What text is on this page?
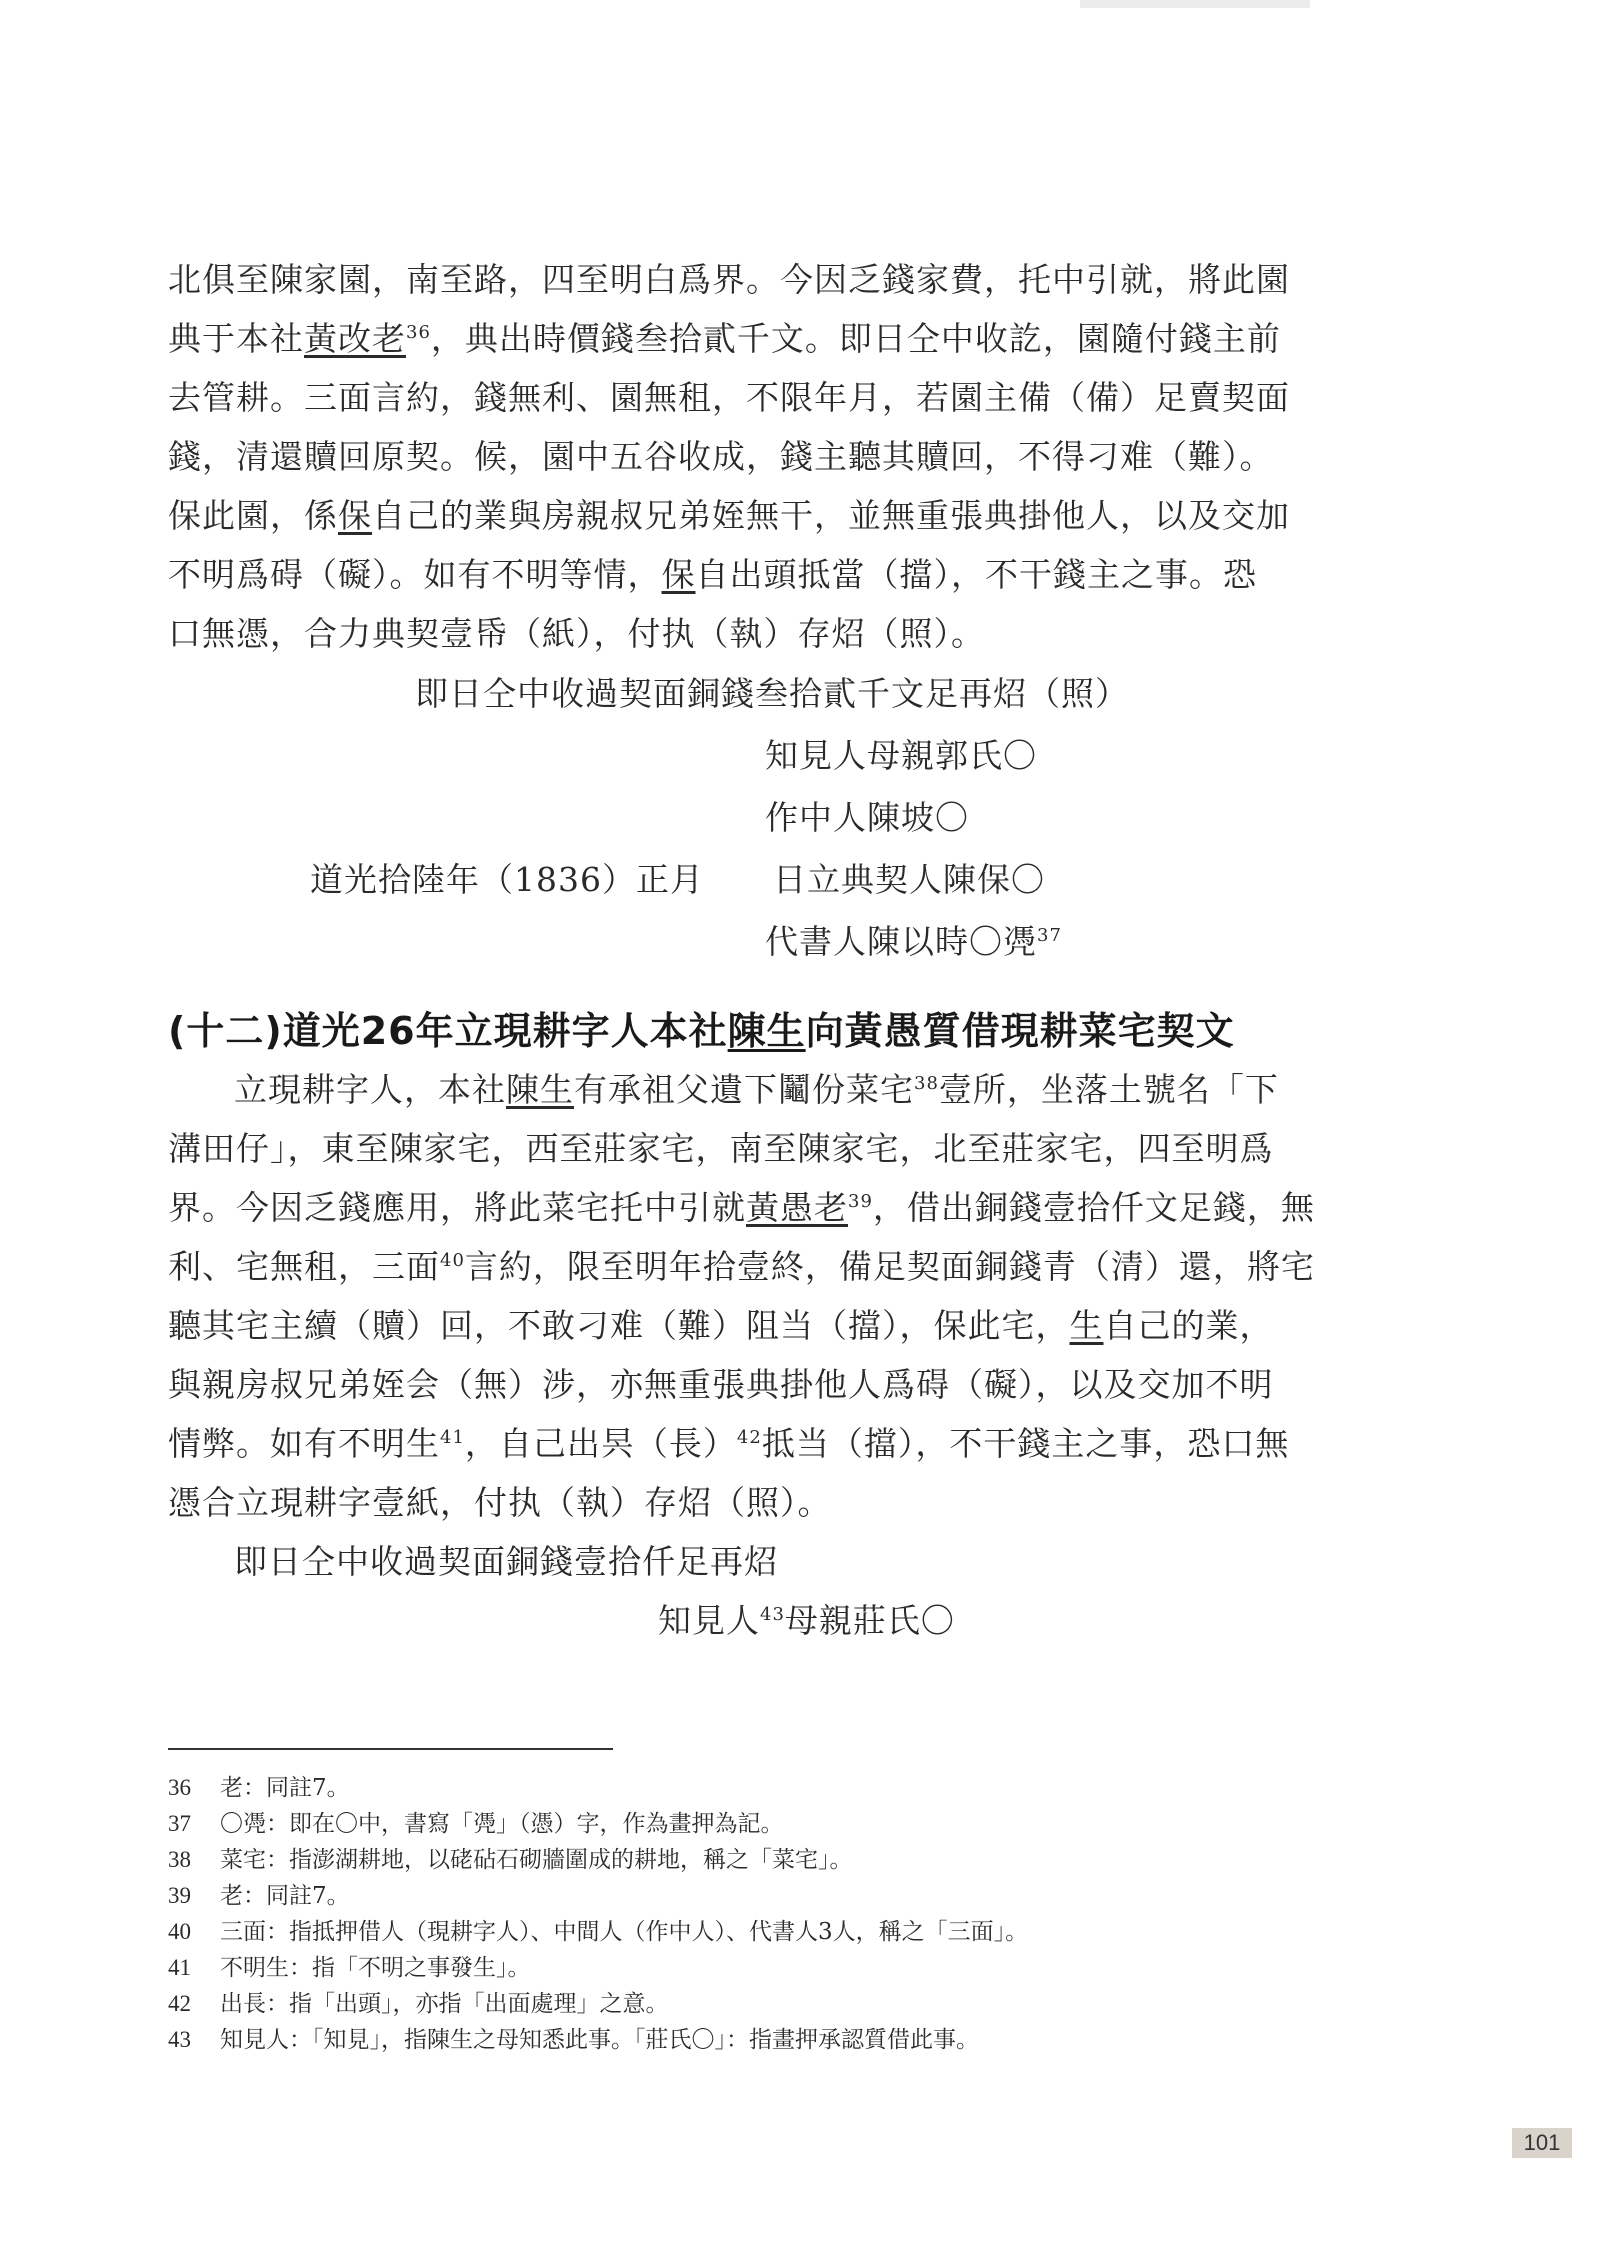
北俱至陳家園，南至路，四至明白爲界。今因乏錢家費，托中引就，將此園

典于本社黃改老$^{36}$，典出時價錢叁拾貳千文。即日仝中收訖，園隨付錢主前

去管耕。三面言約，錢無利、園無租，不限年月，若園主備（備）足賣契面

錢，清還贖回原契。候，園中五谷收成，錢主聽其贖回，不得刁难（難）。

保此園，係保自己的業與房親叔兄弟姪無干，並無重張典掛他人，以及交加

不明爲碍（礙）。如有不明等情，保自出頭抵當（擋），不干錢主之事。恐

口無憑，合力典契壹帋（紙），付执（執）存炤（照）。

即日仝中收過契面銅錢叁拾貳千文足再炤（照）
知見人母親郭氏〇
作中人陳坡〇
道光拾陸年（1836）正月 日立典契人陳保〇
代書人陳以時〇凴$^{37}$
(十二)道光26年立現耕字人本社陳生向黃愚質借現耕菜宅契文

立現耕字人，本社陳生有承祖父遺下鬮份菜宅$^{38}$壹所，坐落土號名「下

溝田仔」，東至陳家宅，西至莊家宅，南至陳家宅，北至莊家宅，四至明爲

界。今因乏錢應用，將此菜宅托中引就黃愚老$^{39}$，借出銅錢壹拾仟文足錢，無

利、宅無租，三面$^{40}$言約，限至明年拾壹終，備足契面銅錢青（清）還，將宅

聽其宅主續（贖）回，不敢刁难（難）阻当（擋），保此宅，生自己的業，

與親房叔兄弟姪会（無）涉，亦無重張典掛他人爲碍（礙），以及交加不明

情弊。如有不明生$^{41}$，自己出昗（長）$^{42}$抵当（擋），不干錢主之事，恐口無

憑合立現耕字壹紙，付执（執）存炤（照）。

即日仝中收過契面銅錢壹拾仟足再炤

知見人$^{43}$母親莊氏〇

36	老：同註7。
37	〇凴：即在〇中，書寫「凴」（憑）字，作為畫押為記。
38	菜宅：指澎湖耕地，以硓砧石砌牆圍成的耕地，稱之「菜宅」。
39	老：同註7。
40	三面：指抵押借人（現耕字人）、中間人（作中人）、代書人3人，稱之「三面」。
41	不明生：指「不明之事發生」。
42	出長：指「出頭」，亦指「出面處理」之意。
43	知見人：「知見」，指陳生之母知悉此事。「莊氏〇」：指畫押承認質借此事。
101
